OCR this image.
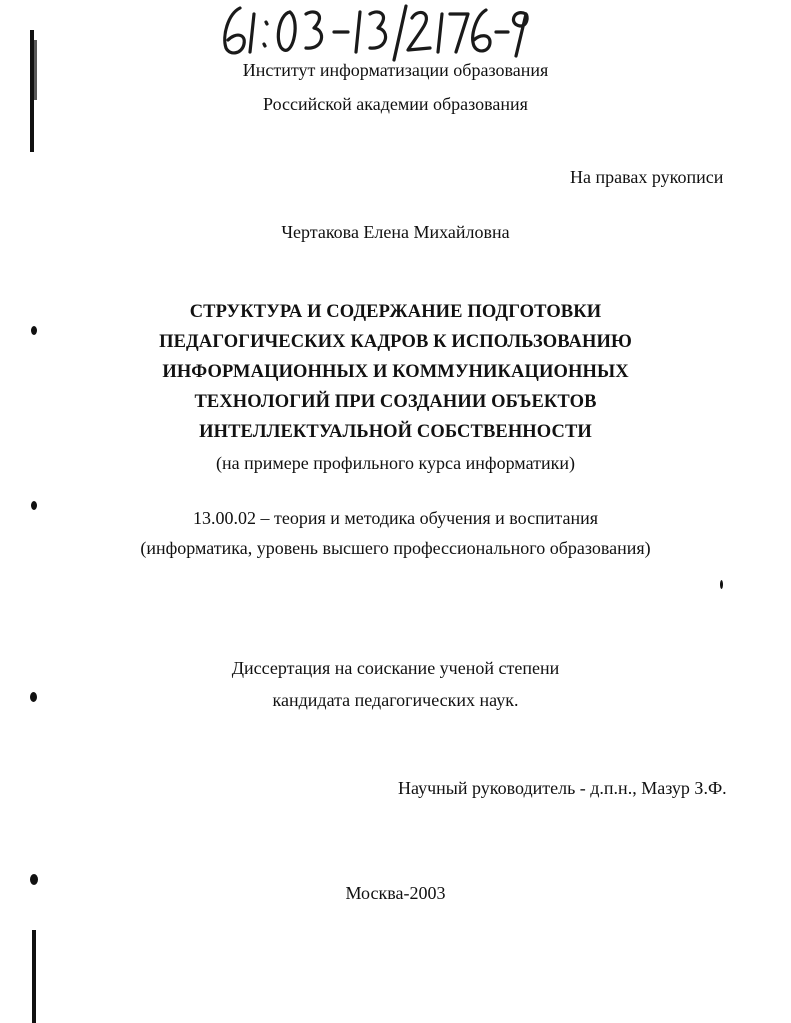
Институт информатизации образования
Российской академии образования
На правах рукописи
Чертакова Елена Михайловна
СТРУКТУРА И СОДЕРЖАНИЕ ПОДГОТОВКИ
ПЕДАГОГИЧЕСКИХ КАДРОВ К ИСПОЛЬЗОВАНИЮ
ИНФОРМАЦИОННЫХ И КОММУНИКАЦИОННЫХ
ТЕХНОЛОГИЙ ПРИ СОЗДАНИИ ОБЪЕКТОВ
ИНТЕЛЛЕКТУАЛЬНОЙ СОБСТВЕННОСТИ
(на примере профильного курса информатики)
13.00.02 – теория и методика обучения и воспитания
(информатика, уровень высшего профессионального образования)
Диссертация на соискание ученой степени
кандидата педагогических наук.
Научный руководитель - д.п.н., Мазур З.Ф.
Москва-2003
